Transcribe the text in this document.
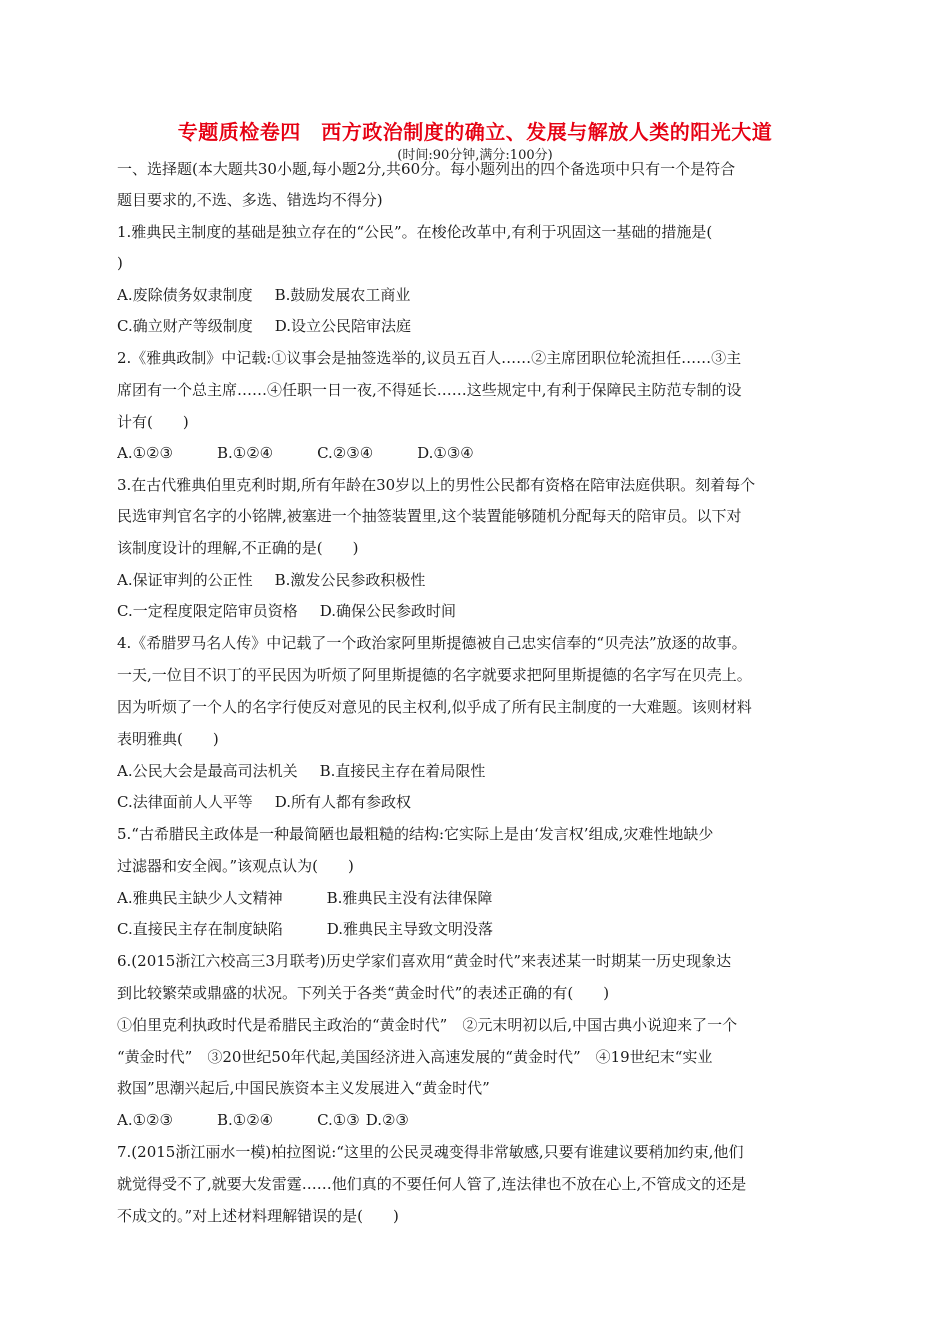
专题质检卷四　西方政治制度的确立、发展与解放人类的阳光大道
(时间:90分钟,满分:100分)
一、选择题(本大题共30小题,每小题2分,共60分。每小题列出的四个备选项中只有一个是符合
题目要求的,不选、多选、错选均不得分)
1.雅典民主制度的基础是独立存在的“公民”。在梭伦改革中,有利于巩固这一基础的措施是(
)
A.废除债务奴隶制度 B.鼓励发展农工商业
C.确立财产等级制度 D.设立公民陪审法庭
2.《雅典政制》中记载:①议事会是抽签选举的,议员五百人……②主席团职位轮流担任……③主
席团有一个总主席……④任职一日一夜,不得延长……这些规定中,有利于保障民主防范专制的设
计有(　　)
A.①②③	B.①②④	C.②③④	D.①③④
3.在古代雅典伯里克利时期,所有年龄在30岁以上的男性公民都有资格在陪审法庭供职。刻着每个
民选审判官名字的小铭牌,被塞进一个抽签装置里,这个装置能够随机分配每天的陪审员。以下对
该制度设计的理解,不正确的是(　　)
A.保证审判的公正性 B.激发公民参政积极性
C.一定程度限定陪审员资格 D.确保公民参政时间
4.《希腊罗马名人传》中记载了一个政治家阿里斯提德被自己忠实信奉的“贝壳法”放逐的故事。
一天,一位目不识丁的平民因为听烦了阿里斯提德的名字就要求把阿里斯提德的名字写在贝壳上。
因为听烦了一个人的名字行使反对意见的民主权利,似乎成了所有民主制度的一大难题。该则材料
表明雅典(　　)
A.公民大会是最高司法机关 B.直接民主存在着局限性
C.法律面前人人平等 D.所有人都有参政权
5.“古希腊民主政体是一种最简陋也最粗糙的结构:它实际上是由‘发言权’组成,灾难性地缺少
过滤器和安全阀。”该观点认为(　　)
A.雅典民主缺少人文精神	B.雅典民主没有法律保障
C.直接民主存在制度缺陷	D.雅典民主导致文明没落
6.(2015浙江六校高三3月联考)历史学家们喜欢用“黄金时代”来表述某一时期某一历史现象达
到比较繁荣或鼎盛的状况。下列关于各类“黄金时代”的表述正确的有(　　)
①伯里克利执政时代是希腊民主政治的“黄金时代”　②元末明初以后,中国古典小说迎来了一个
“黄金时代”　③20世纪50年代起,美国经济进入高速发展的“黄金时代”　④19世纪末“实业
救国”思潮兴起后,中国民族资本主义发展进入“黄金时代”
A.①②③	B.①②④	C.①③ D.②③
7.(2015浙江丽水一模)柏拉图说:“这里的公民灵魂变得非常敏感,只要有谁建议要稍加约束,他们
就觉得受不了,就要大发雷霆……他们真的不要任何人管了,连法律也不放在心上,不管成文的还是
不成文的。”对上述材料理解错误的是(　　)
